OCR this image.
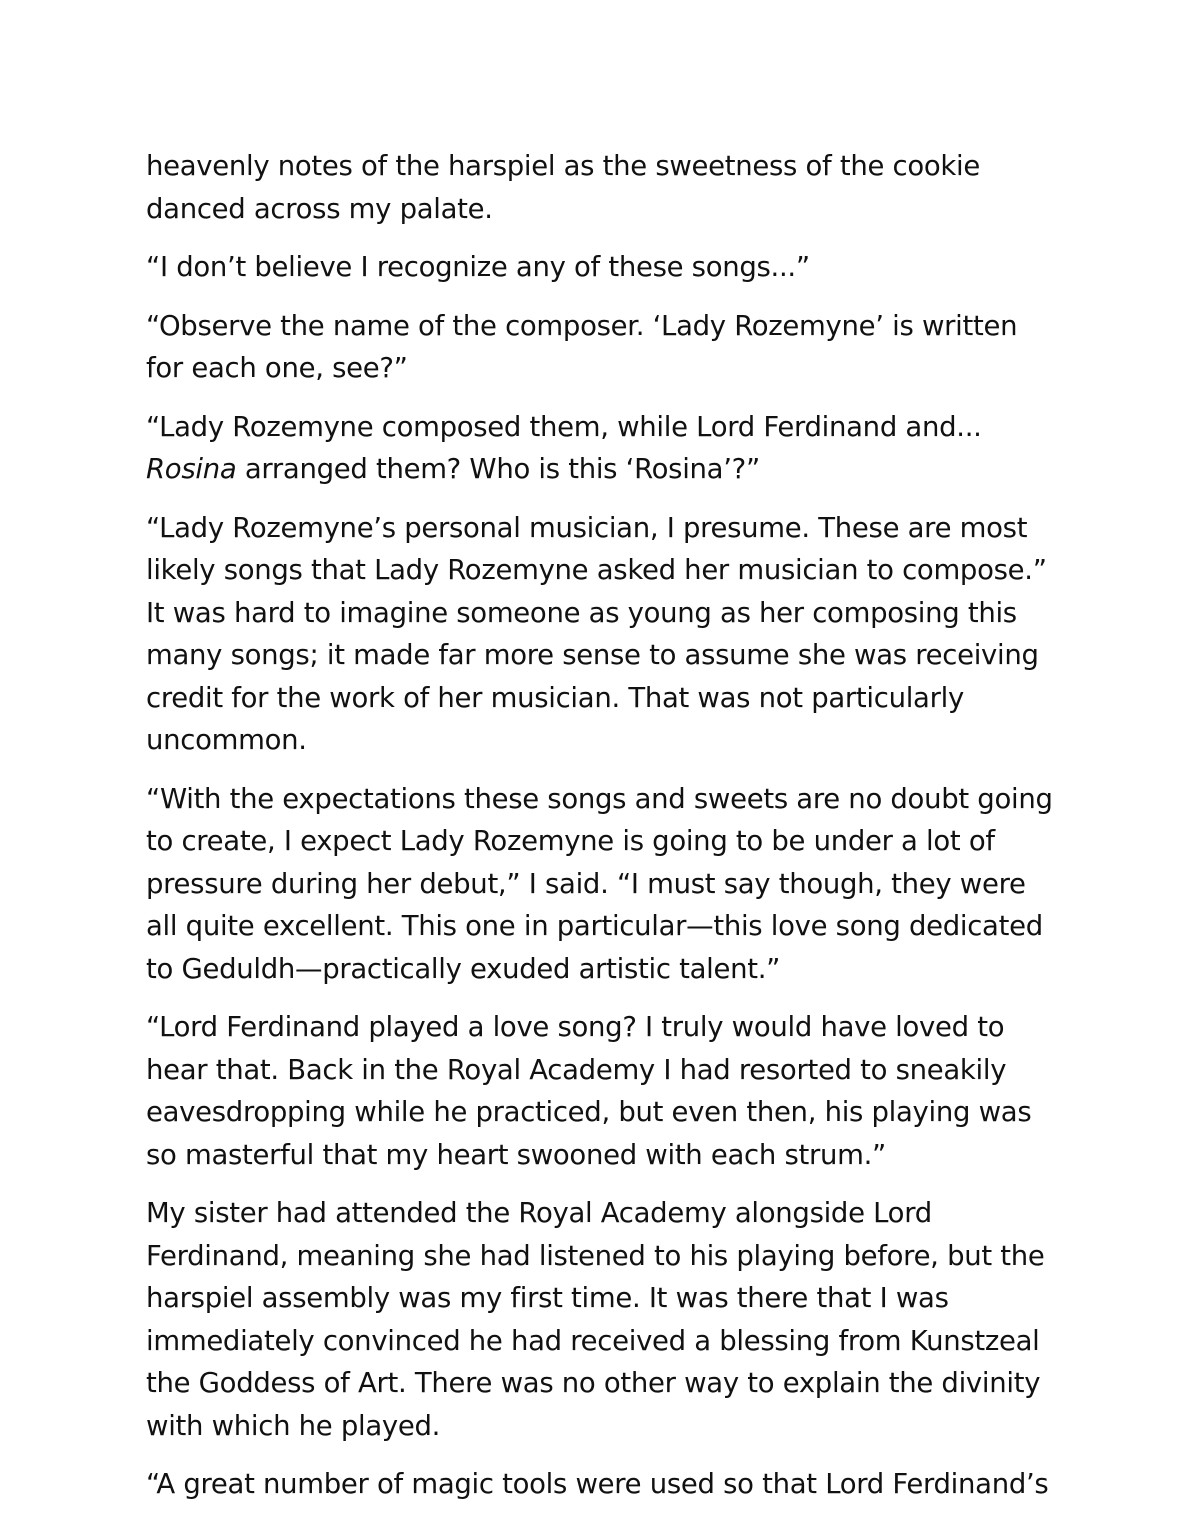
heavenly notes of the harspiel as the sweetness of the cookie danced across my palate.

“I don’t believe I recognize any of these songs...”

“Observe the name of the composer. ‘Lady Rozemyne’ is written for each one, see?”

“Lady Rozemyne composed them, while Lord Ferdinand and... Rosina arranged them? Who is this ‘Rosina’?”

“Lady Rozemyne’s personal musician, I presume. These are most likely songs that Lady Rozemyne asked her musician to compose.” It was hard to imagine someone as young as her composing this many songs; it made far more sense to assume she was receiving credit for the work of her musician. That was not particularly uncommon.

“With the expectations these songs and sweets are no doubt going to create, I expect Lady Rozemyne is going to be under a lot of pressure during her debut,” I said. “I must say though, they were all quite excellent. This one in particular—this love song dedicated to Geduldh—practically exuded artistic talent.”

“Lord Ferdinand played a love song? I truly would have loved to hear that. Back in the Royal Academy I had resorted to sneakily eavesdropping while he practiced, but even then, his playing was so masterful that my heart swooned with each strum.”

My sister had attended the Royal Academy alongside Lord Ferdinand, meaning she had listened to his playing before, but the harspiel assembly was my first time. It was there that I was immediately convinced he had received a blessing from Kunstzeal the Goddess of Art. There was no other way to explain the divinity with which he played.

“A great number of magic tools were used so that Lord Ferdinand’s
